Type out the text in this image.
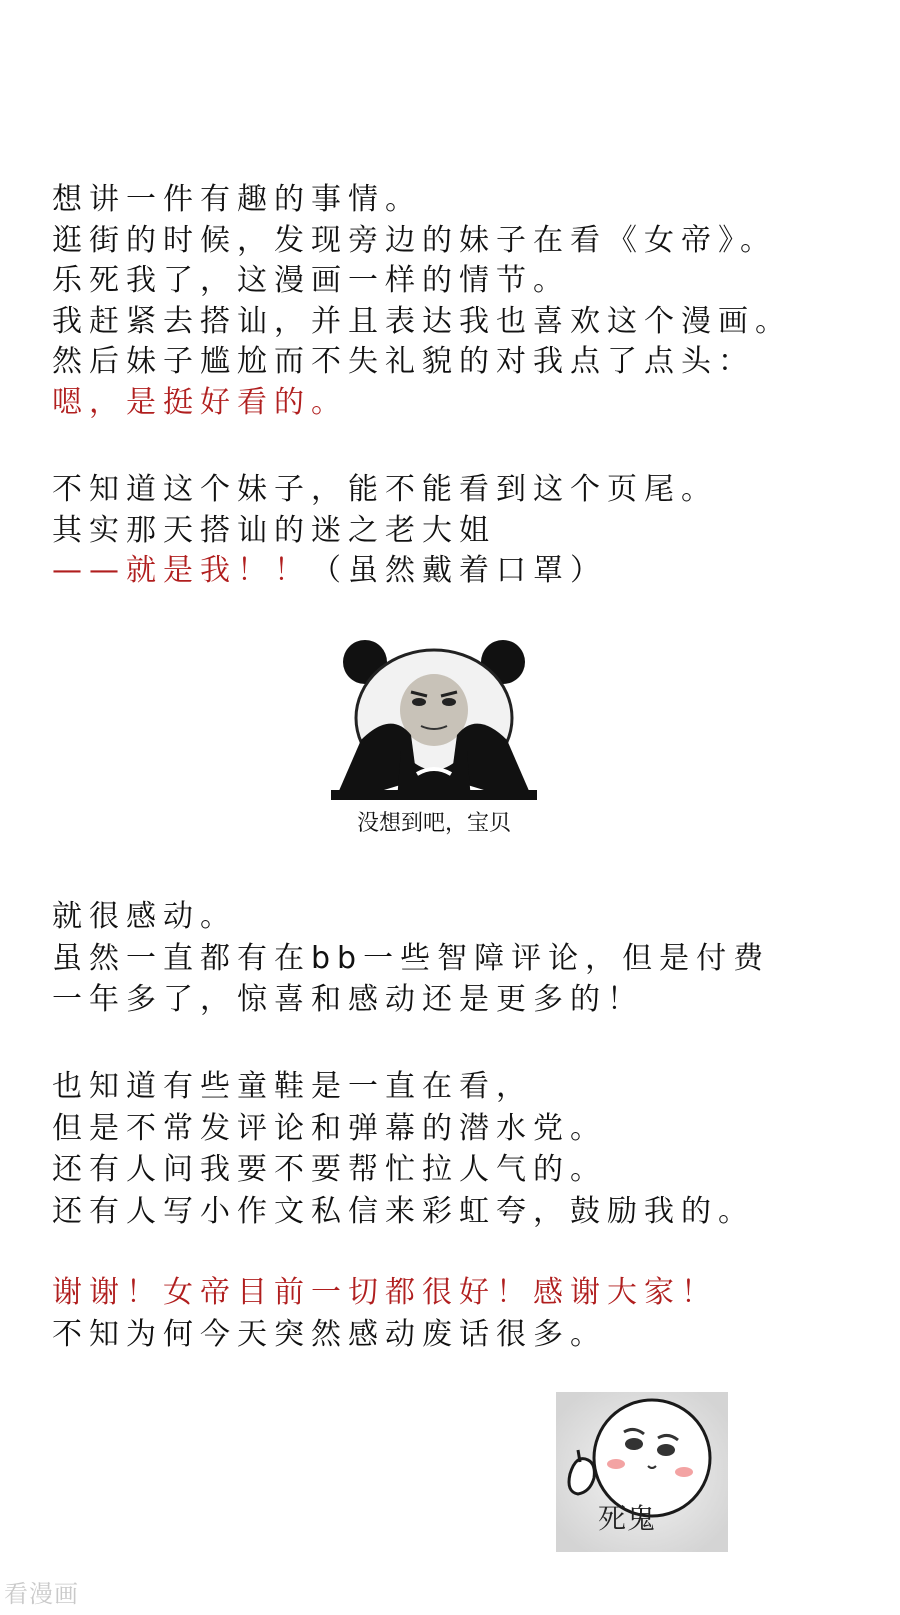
想讲一件有趣的事情。
逛街的时候，发现旁边的妹子在看《女帝》。
乐死我了，这漫画一样的情节。
我赶紧去搭讪，并且表达我也喜欢这个漫画。
然后妹子尴尬而不失礼貌的对我点了点头：
嗯，是挺好看的。
不知道这个妹子，能不能看到这个页尾。
其实那天搭讪的迷之老大姐
——就是我！！（虽然戴着口罩）
没想到吧，宝贝
就很感动。
虽然一直都有在bb一些智障评论，但是付费
一年多了，惊喜和感动还是更多的！
也知道有些童鞋是一直在看，
但是不常发评论和弹幕的潜水党。
还有人问我要不要帮忙拉人气的。
还有人写小作文私信来彩虹夸，鼓励我的。
谢谢！女帝目前一切都很好！感谢大家！
不知为何今天突然感动废话很多。
死鬼
看漫画
